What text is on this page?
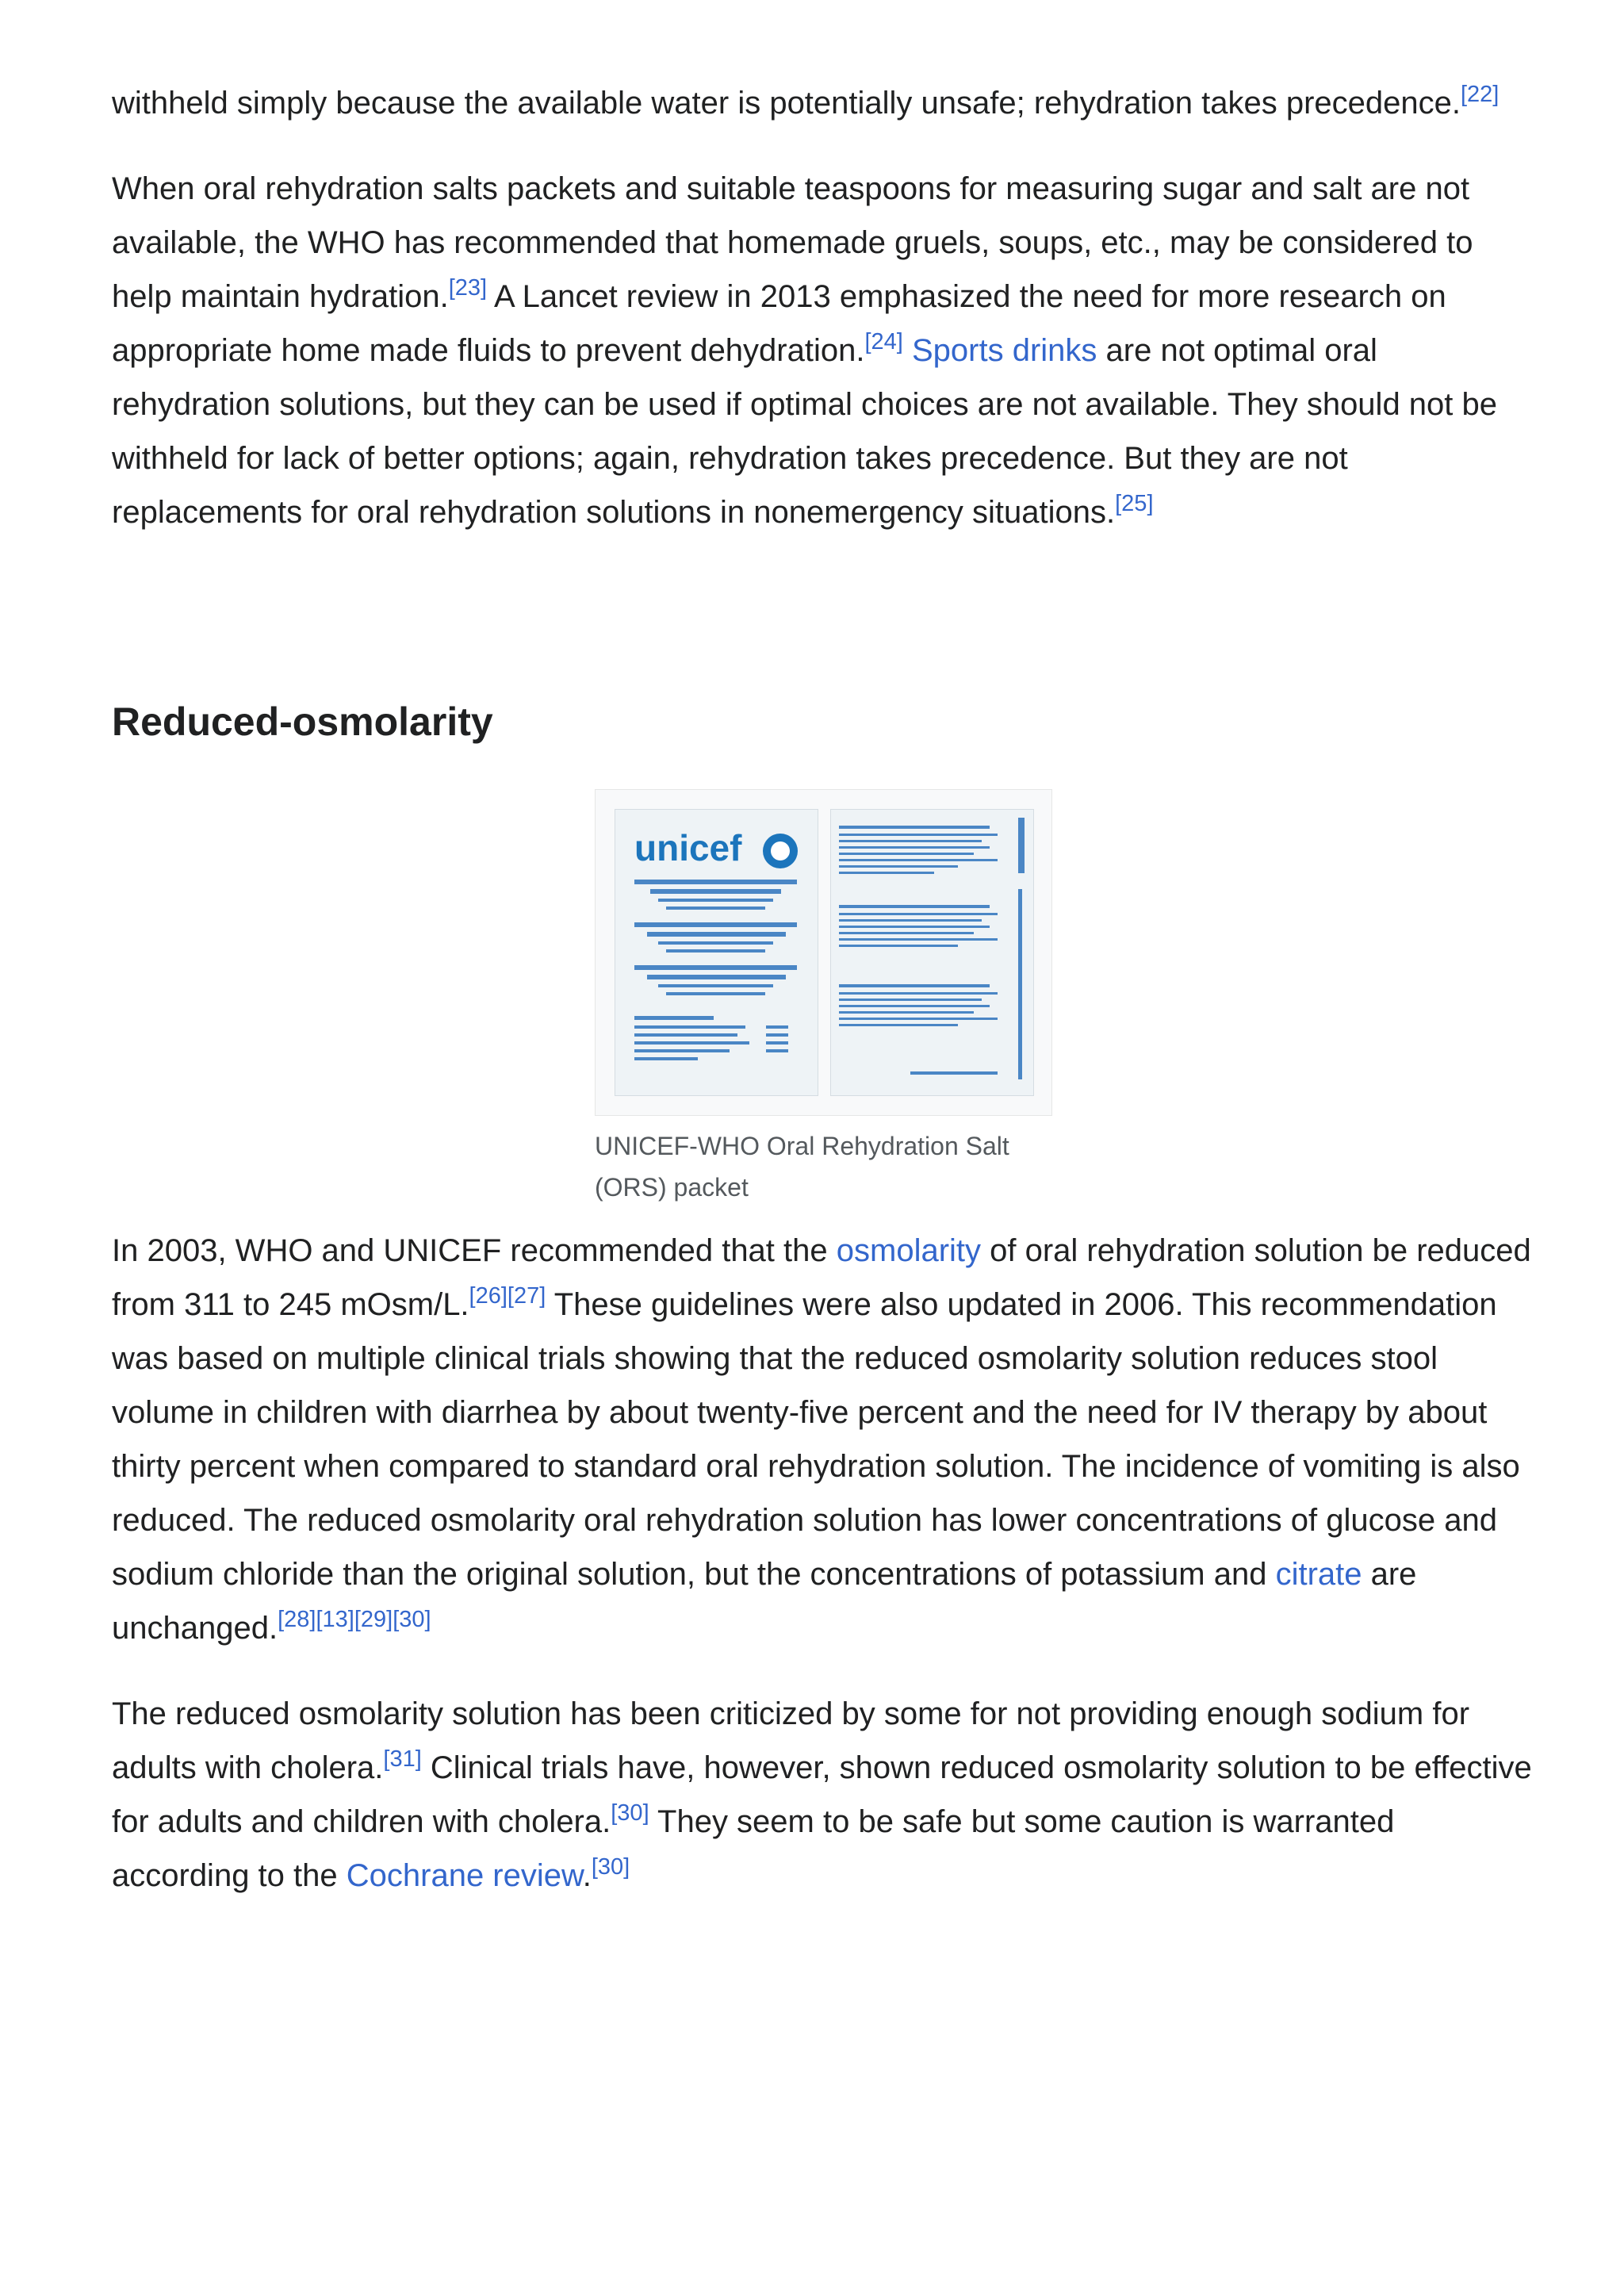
withheld simply because the available water is potentially unsafe; rehydration takes precedence.[22]

When oral rehydration salts packets and suitable teaspoons for measuring sugar and salt are not available, the WHO has recommended that homemade gruels, soups, etc., may be considered to help maintain hydration.[23] A Lancet review in 2013 emphasized the need for more research on appropriate home made fluids to prevent dehydration.[24] Sports drinks are not optimal oral rehydration solutions, but they can be used if optimal choices are not available. They should not be withheld for lack of better options; again, rehydration takes precedence. But they are not replacements for oral rehydration solutions in nonemergency situations.[25]

Reduced-osmolarity
unicef
UNICEF-WHO Oral Rehydration Salt (ORS) packet

In 2003, WHO and UNICEF recommended that the osmolarity of oral rehydration solution be reduced from 311 to 245 mOsm/L.[26][27] These guidelines were also updated in 2006. This recommendation was based on multiple clinical trials showing that the reduced osmolarity solution reduces stool volume in children with diarrhea by about twenty-five percent and the need for IV therapy by about thirty percent when compared to standard oral rehydration solution. The incidence of vomiting is also reduced. The reduced osmolarity oral rehydration solution has lower concentrations of glucose and sodium chloride than the original solution, but the concentrations of potassium and citrate are unchanged.[28][13][29][30]

The reduced osmolarity solution has been criticized by some for not providing enough sodium for adults with cholera.[31] Clinical trials have, however, shown reduced osmolarity solution to be effective for adults and children with cholera.[30] They seem to be safe but some caution is warranted according to the Cochrane review.[30]
